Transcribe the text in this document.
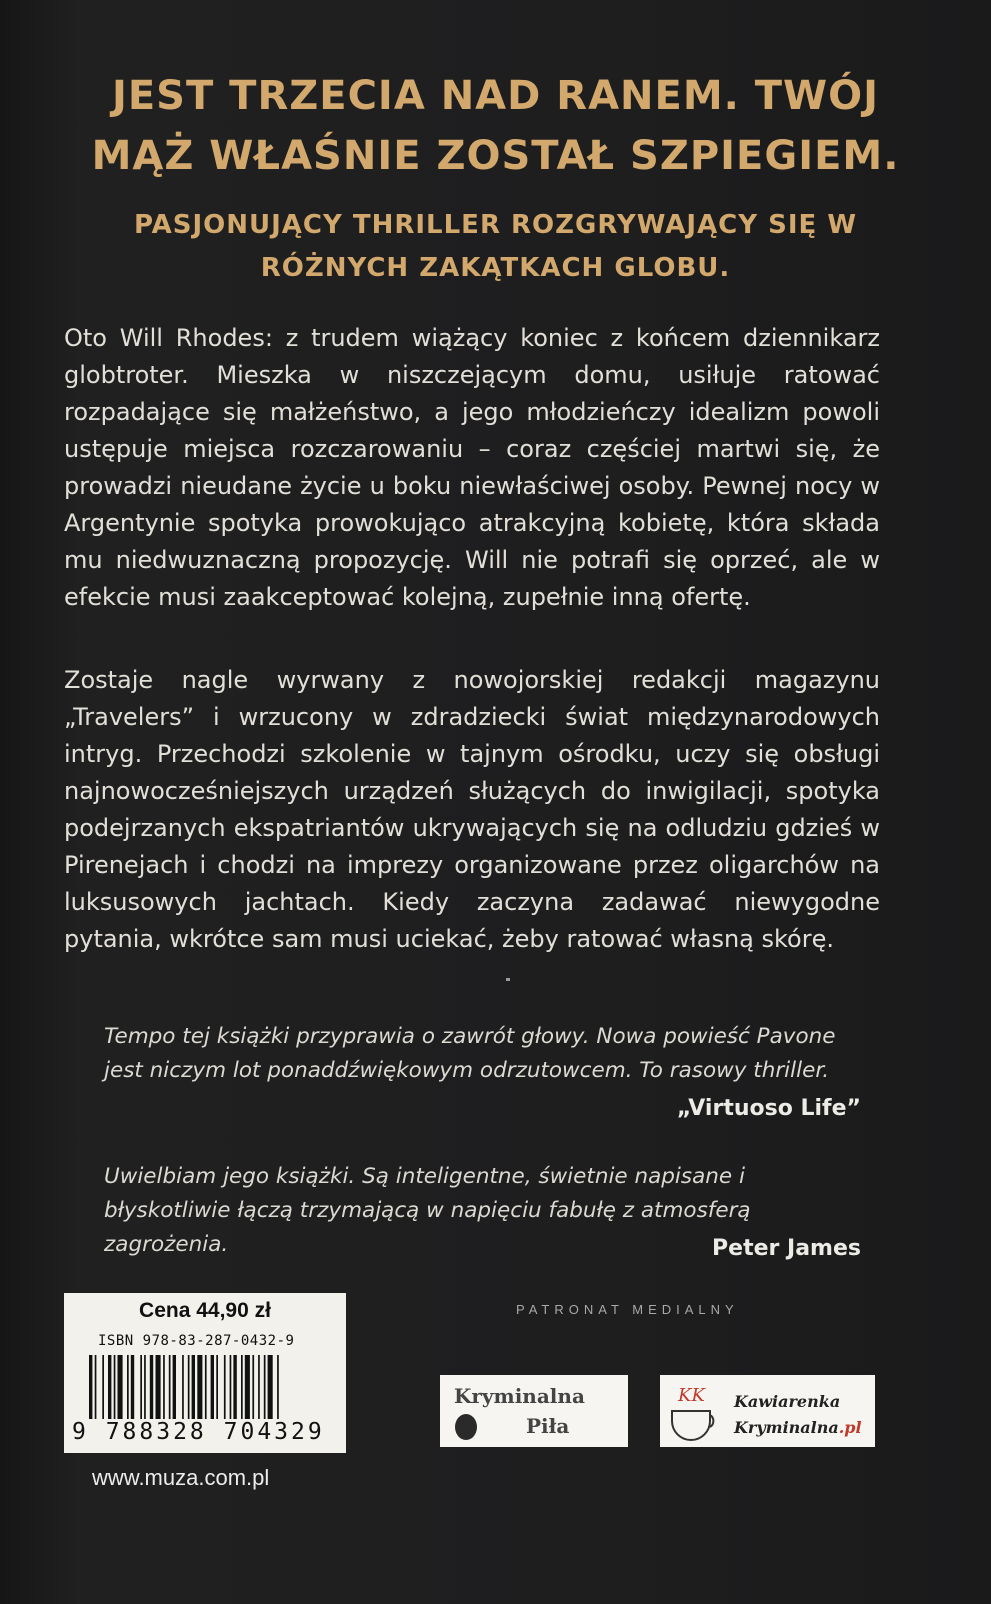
JEST TRZECIA NAD RANEM. TWÓJ MĄŻ WŁAŚNIE ZOSTAŁ SZPIEGIEM.
PASJONUJĄCY THRILLER ROZGRYWAJĄCY SIĘ W RÓŻNYCH ZAKĄTKACH GLOBU.

Oto Will Rhodes: z trudem wiążący koniec z końcem dziennikarz globtroter. Mieszka w niszczejącym domu, usiłuje ratować rozpadające się małżeństwo, a jego młodzieńczy idealizm powoli ustępuje miejsca rozczarowaniu – coraz częściej martwi się, że prowadzi nieudane życie u boku niewłaściwej osoby. Pewnej nocy w Argentynie spotyka prowokująco atrakcyjną kobietę, która składa mu niedwuznaczną propozycję. Will nie potrafi się oprzeć, ale w efekcie musi zaakceptować kolejną, zupełnie inną ofertę.

Zostaje nagle wyrwany z nowojorskiej redakcji magazynu „Travelers” i wrzucony w zdradziecki świat międzynarodowych intryg. Przechodzi szkolenie w tajnym ośrodku, uczy się obsługi najnowocześniejszych urządzeń służących do inwigilacji, spotyka podejrzanych ekspatriantów ukrywających się na odludziu gdzieś w Pirenejach i chodzi na imprezy organizowane przez oligarchów na luksusowych jachtach. Kiedy zaczyna zadawać niewygodne pytania, wkrótce sam musi uciekać, żeby ratować własną skórę.

Tempo tej książki przyprawia o zawrót głowy. Nowa powieść Pavone jest niczym lot ponaddźwiękowym odrzutowcem. To rasowy thriller.

„Virtuoso Life”

Uwielbiam jego książki. Są inteligentne, świetnie napisane i błyskotliwie łączą trzymającą w napięciu fabułę z atmosferą zagrożenia.	Peter James

Cena 44,90 zł
ISBN 978-83-287-0432-9
9 788328 704329

www.muza.com.pl

PATRONAT MEDIALNY

Kryminalna
Piła
KK Kawiarenka
Kryminalna.pl
